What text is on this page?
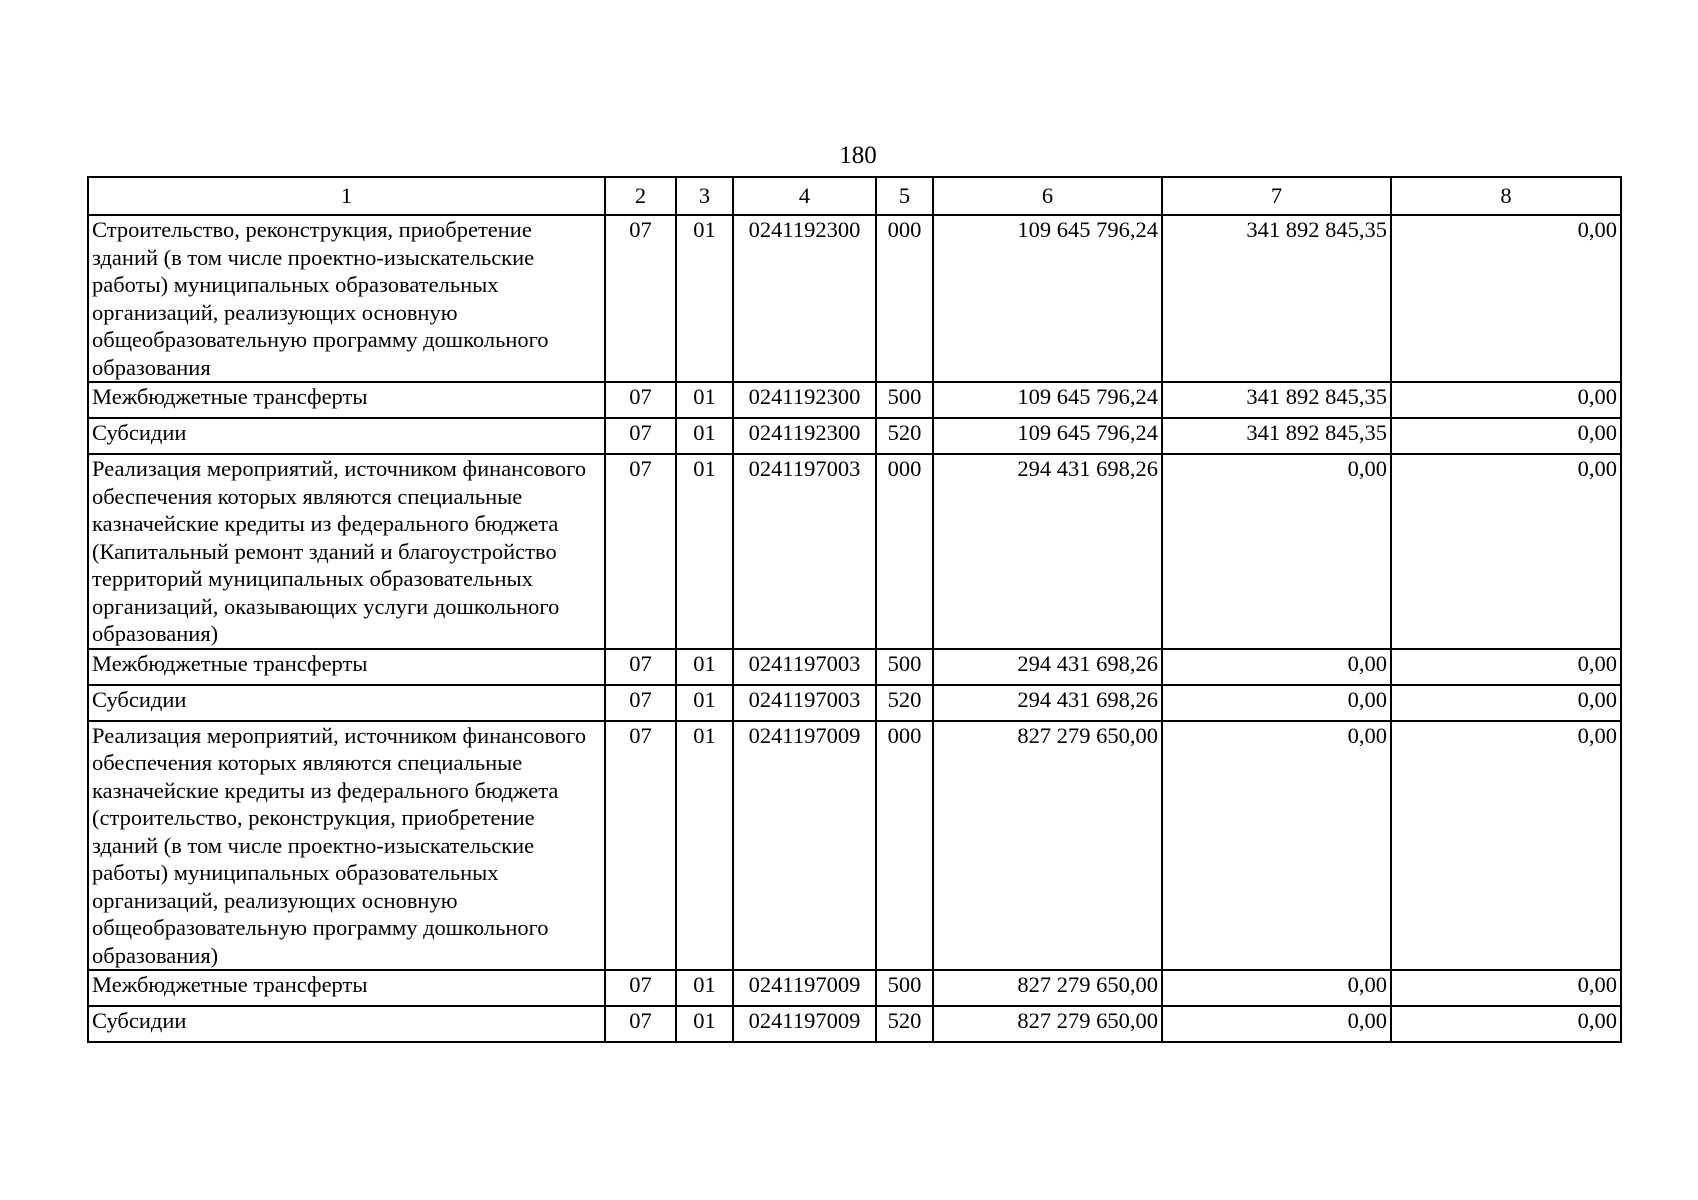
180
1	2	3	4	5	6	7	8
Строительство, реконструкция, приобретение зданий (в том числе проектно-изыскательские работы) муниципальных образовательных организаций, реализующих основную общеобразовательную программу дошкольного образования	07	01	0241192300	000	109 645 796,24	341 892 845,35	0,00
Межбюджетные трансферты	07	01	0241192300	500	109 645 796,24	341 892 845,35	0,00
Субсидии	07	01	0241192300	520	109 645 796,24	341 892 845,35	0,00
Реализация мероприятий, источником финансового обеспечения которых являются специальные казначейские кредиты из федерального бюджета (Капитальный ремонт зданий и благоустройство территорий муниципальных образовательных организаций, оказывающих услуги дошкольного образования)	07	01	0241197003	000	294 431 698,26	0,00	0,00
Межбюджетные трансферты	07	01	0241197003	500	294 431 698,26	0,00	0,00
Субсидии	07	01	0241197003	520	294 431 698,26	0,00	0,00
Реализация мероприятий, источником финансового обеспечения которых являются специальные казначейские кредиты из федерального бюджета (строительство, реконструкция, приобретение зданий (в том числе проектно-изыскательские работы) муниципальных образовательных организаций, реализующих основную общеобразовательную программу дошкольного образования)	07	01	0241197009	000	827 279 650,00	0,00	0,00
Межбюджетные трансферты	07	01	0241197009	500	827 279 650,00	0,00	0,00
Субсидии	07	01	0241197009	520	827 279 650,00	0,00	0,00
